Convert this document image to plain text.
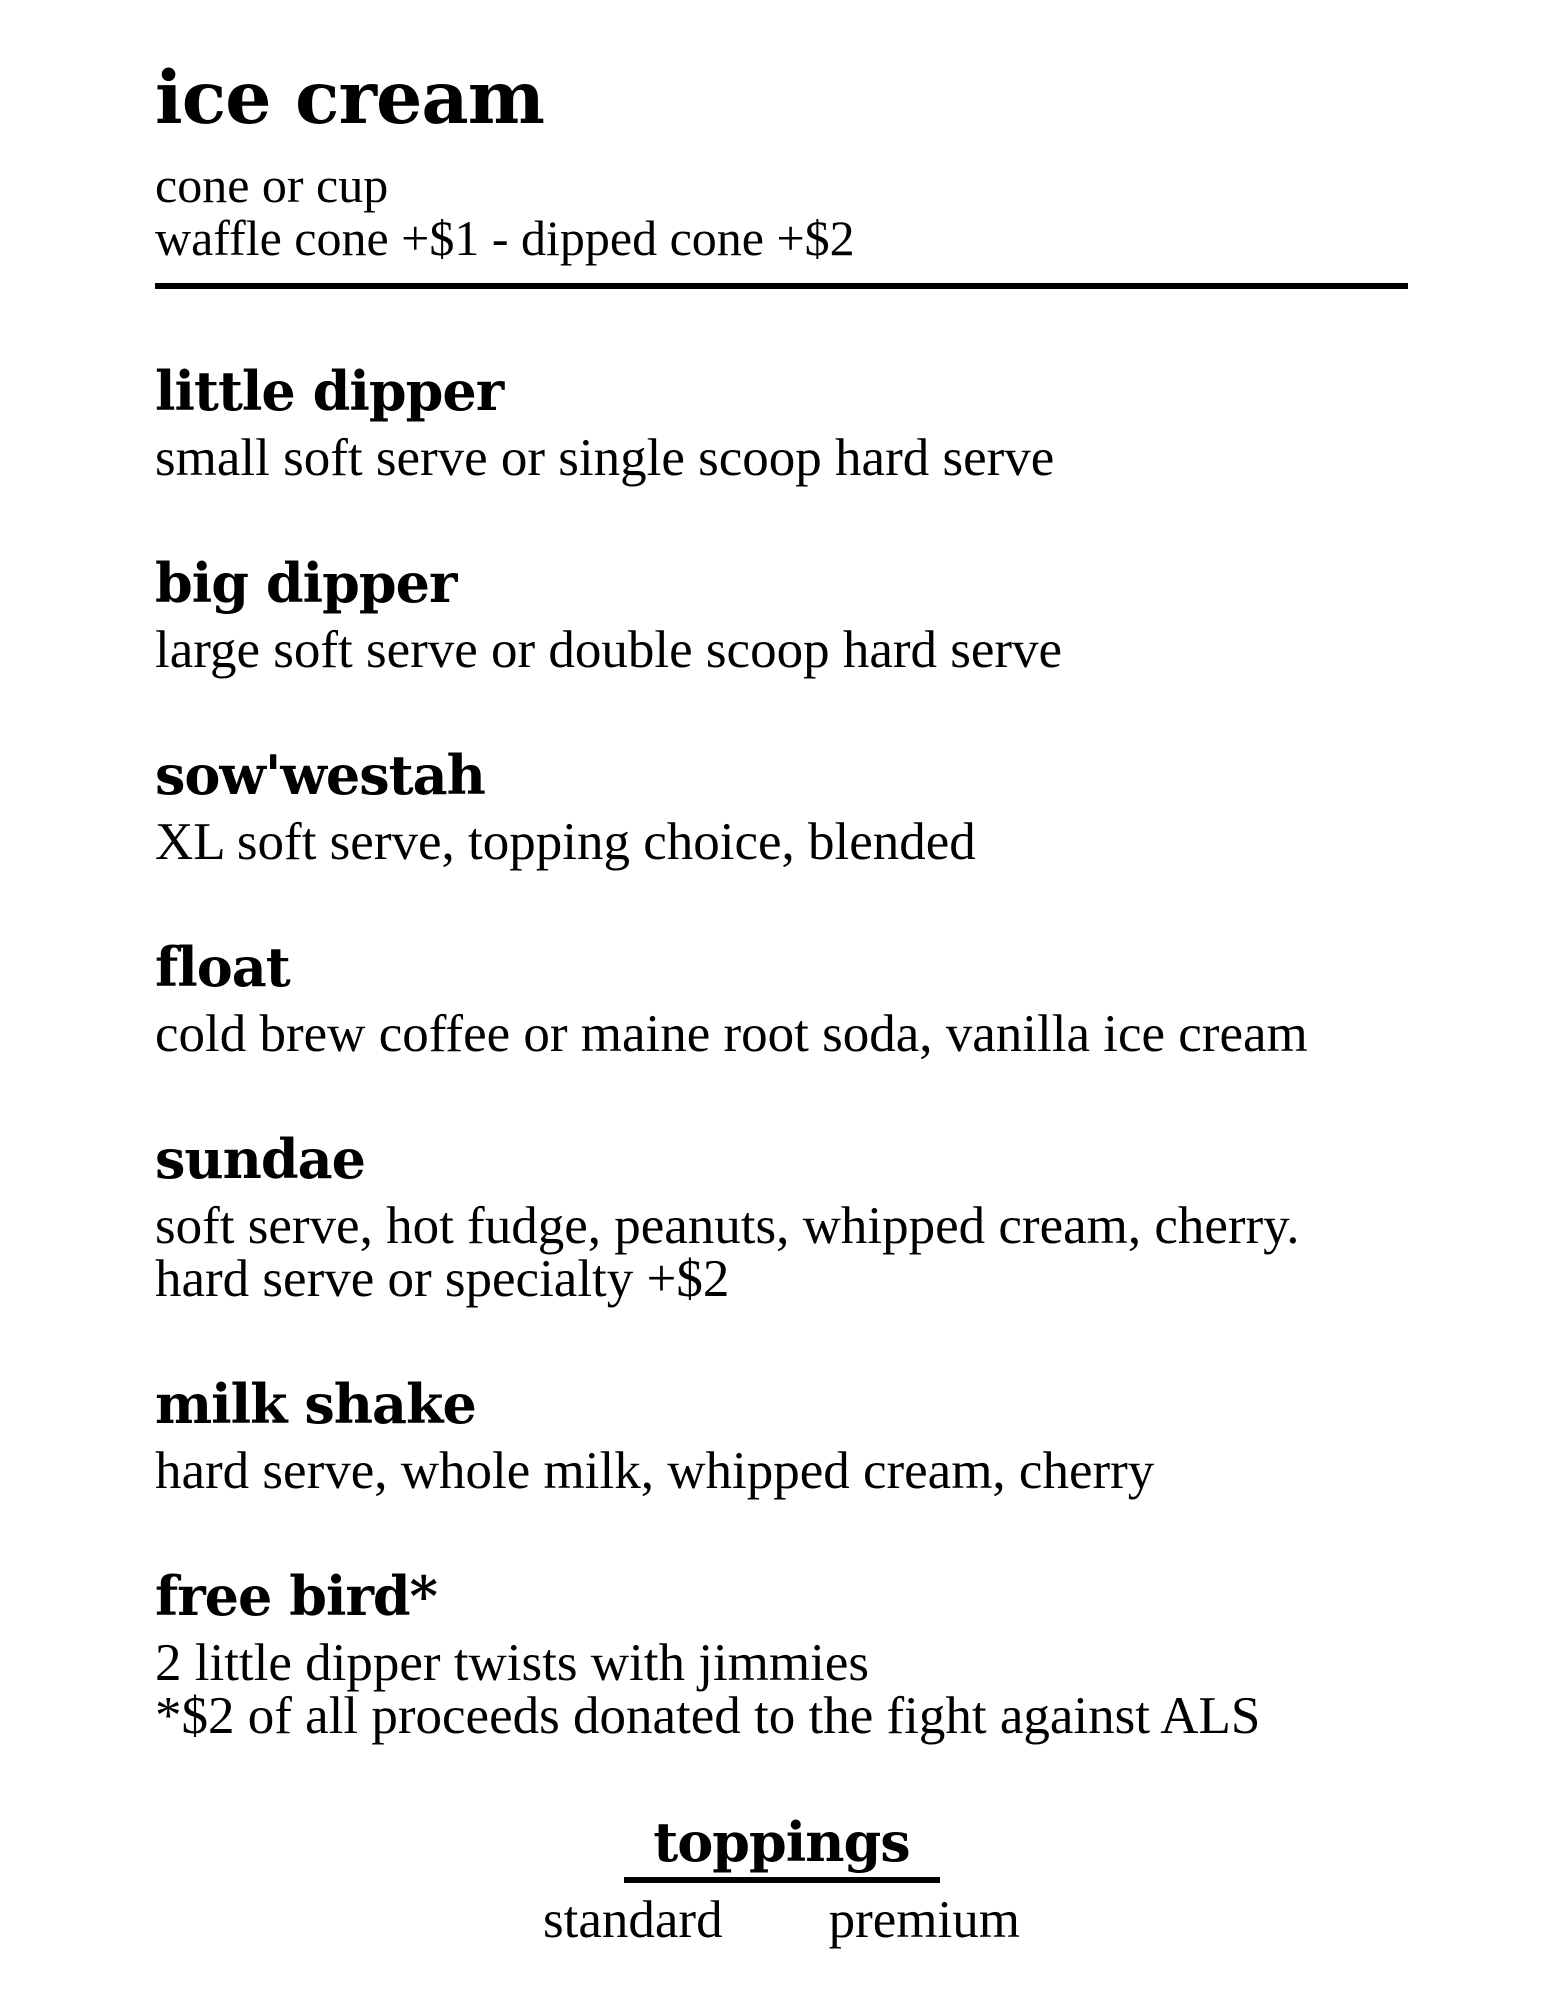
ice cream

cone or cup

waffle cone +$1 - dipped cone +$2

little dipper

small soft serve or single scoop hard serve

big dipper

large soft serve or double scoop hard serve

sow'westah

XL soft serve, topping choice, blended

float

cold brew coffee or maine root soda, vanilla ice cream

sundae

soft serve, hot fudge, peanuts, whipped cream, cherry.

hard serve or specialty +$2

milk shake

hard serve, whole milk, whipped cream, cherry

free bird*

2 little dipper twists with jimmies

*$2 of all proceeds donated to the fight against ALS

toppings
standard premium
